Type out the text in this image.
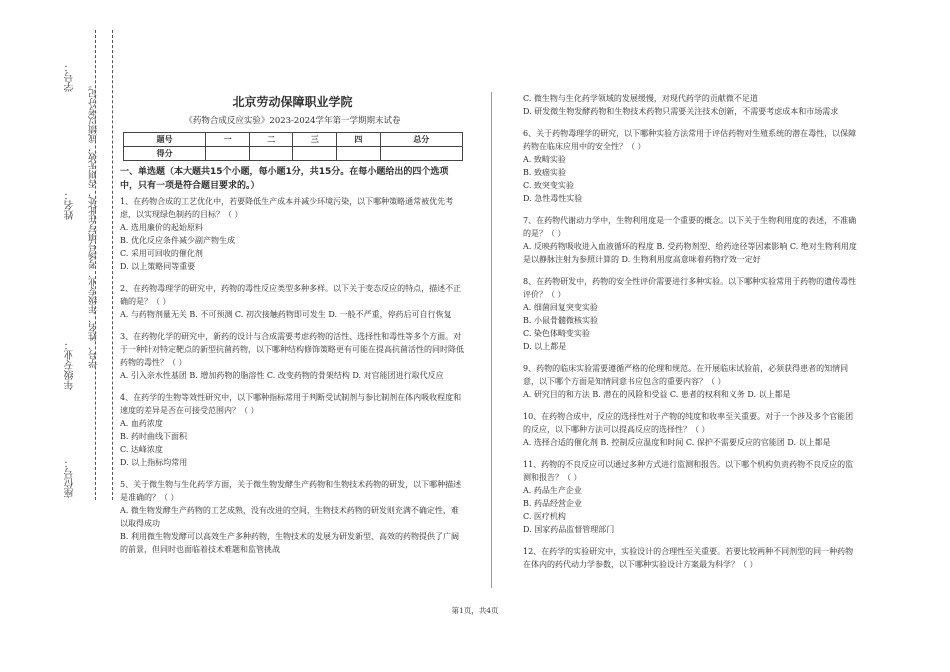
学号：
姓名：
年级专业：
座位号：
学号、姓名、年级专业、考场号填写在此处，否则无效，成绩以考分记。	北京劳动保障职业学院
《药物合成反应实验》2023-2024学年第一学期期末试卷
题号	一	二	三	四	总分
得分					
一、单选题（本大题共15个小题，每小题1分，共15分。在每小题给出的四个选项中，只有一项是符合题目要求的。）
1、在药物合成的工艺优化中，若要降低生产成本并减少环境污染，以下哪种策略通常被优先考虑，以实现绿色制药的目标？（ ）
A. 选用廉价的起始原料
B. 优化反应条件减少副产物生成
C. 采用可回收的催化剂
D. 以上策略同等重要
2、在药物毒理学的研究中，药物的毒性反应类型多种多样。以下关于变态反应的特点，描述不正确的是？（ ）
A. 与药物剂量无关 B. 不可预测 C. 初次接触药物即可发生 D. 一般不严重，停药后可自行恢复
3、在药物化学的研究中，新药的设计与合成需要考虑药物的活性、选择性和毒性等多个方面。对于一种针对特定靶点的新型抗菌药物，以下哪种结构修饰策略更有可能在提高抗菌活性的同时降低药物的毒性？（ ）
A. 引入亲水性基团 B. 增加药物的脂溶性 C. 改变药物的骨架结构 D. 对官能团进行取代反应
4、在药学的生物等效性研究中，以下哪种指标常用于判断受试制剂与参比制剂在体内吸收程度和速度的差异是否在可接受范围内？（ ）
A. 血药浓度
B. 药时曲线下面积
C. 达峰浓度
D. 以上指标均常用
5、关于微生物与生化药学方面，关于微生物发酵生产药物和生物技术药物的研发，以下哪种描述是准确的？（ ）
A. 微生物发酵生产药物的工艺成熟，没有改进的空间，生物技术药物的研发则充满不确定性，难以取得成功
B. 利用微生物发酵可以高效生产多种药物，生物技术的发展为研发新型、高效的药物提供了广阔的前景，但同时也面临着技术难题和监管挑战
C. 微生物与生化药学领域的发展缓慢，对现代药学的贡献微不足道
D. 研发微生物发酵药物和生物技术药物只需要关注技术创新，不需要考虑成本和市场需求
6、关于药物毒理学的研究，以下哪种实验方法常用于评估药物对生殖系统的潜在毒性，以保障药物在临床应用中的安全性？（ ）
A. 致畸实验
B. 致癌实验
C. 致突变实验
D. 急性毒性实验
7、在药物代谢动力学中，生物利用度是一个重要的概念。以下关于生物利用度的表述，不准确的是？（ ）
A. 反映药物吸收进入血液循环的程度 B. 受药物剂型、给药途径等因素影响 C. 绝对生物利用度是以静脉注射为参照计算的 D. 生物利用度高意味着药物疗效一定好
8、在药物研发中，药物的安全性评价需要进行多种实验。以下哪种实验常用于药物的遗传毒性评价？（ ）
A. 细菌回复突变实验
B. 小鼠骨髓微核实验
C. 染色体畸变实验
D. 以上都是
9、药物的临床实验需要遵循严格的伦理和规范。在开展临床试验前，必须获得患者的知情同意，以下哪个方面是知情同意书应包含的重要内容？（ ）
A. 研究目的和方法 B. 潜在的风险和受益 C. 患者的权利和义务 D. 以上都是
10、在药物合成中，反应的选择性对于产物的纯度和收率至关重要。对于一个涉及多个官能团的反应，以下哪种方法可以提高反应的选择性？（ ）
A. 选择合适的催化剂 B. 控制反应温度和时间 C. 保护不需要反应的官能团 D. 以上都是
11、药物的不良反应可以通过多种方式进行监测和报告。以下哪个机构负责药物不良反应的监测和报告？（ ）
A. 药品生产企业
B. 药品经营企业
C. 医疗机构
D. 国家药品监督管理部门
12、在药学的实验研究中，实验设计的合理性至关重要。若要比较两种不同剂型的同一种药物在体内的药代动力学参数，以下哪种实验设计方案最为科学？（ ）
第1页，共4页
